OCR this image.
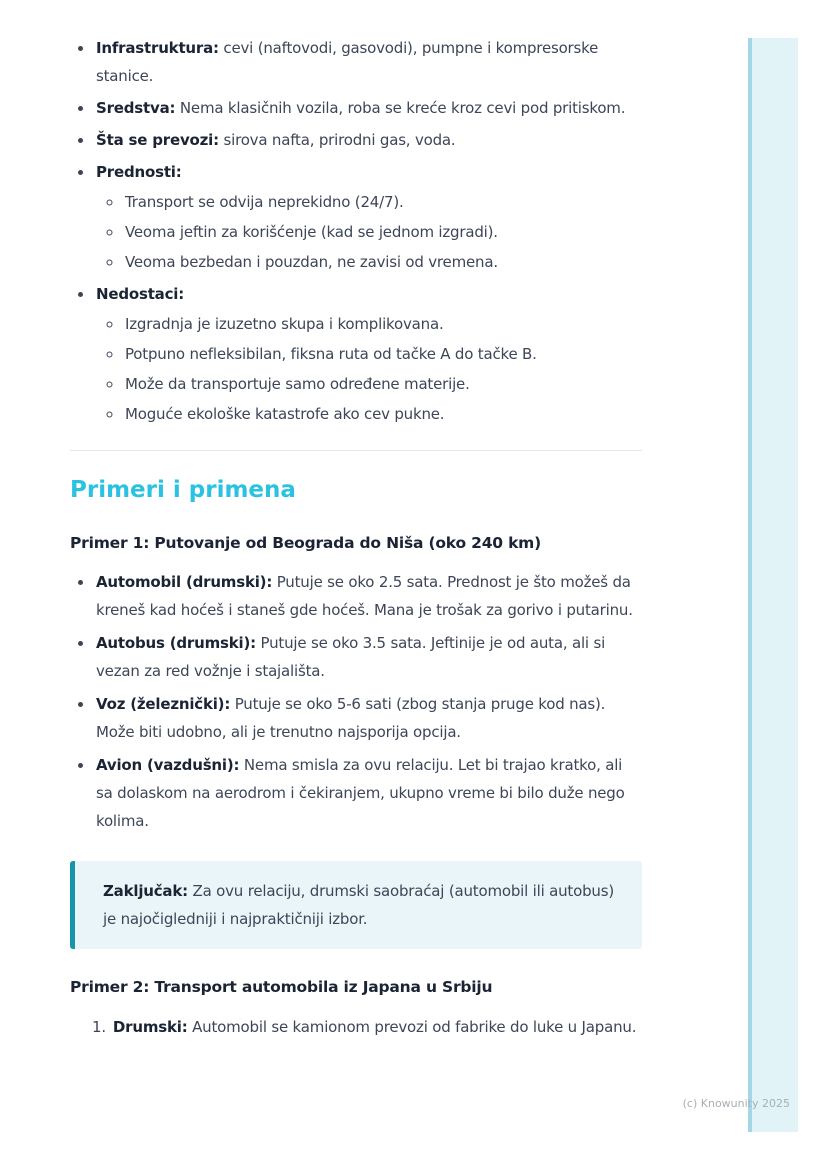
• Infrastruktura: cevi (naftovodi, gasovodi), pumpne i kompresorske stanice.
• Sredstva: Nema klasičnih vozila, roba se kreće kroz cevi pod pritiskom.
• Šta se prevozi: sirova nafta, prirodni gas, voda.
• Prednosti:
◦ Transport se odvija neprekidno (24/7).
◦ Veoma jeftin za korišćenje (kad se jednom izgradi).
◦ Veoma bezbedan i pouzdan, ne zavisi od vremena.
• Nedostaci:
◦ Izgradnja je izuzetno skupa i komplikovana.
◦ Potpuno nefleksibilan, fiksna ruta od tačke A do tačke B.
◦ Može da transportuje samo određene materije.
◦ Moguće ekološke katastrofe ako cev pukne.
Primeri i primena
Primer 1: Putovanje od Beograda do Niša (oko 240 km)
• Automobil (drumski): Putuje se oko 2.5 sata. Prednost je što možeš da kreneš kad hoćeš i staneš gde hoćeš. Mana je trošak za gorivo i putarinu.
• Autobus (drumski): Putuje se oko 3.5 sata. Jeftinije je od auta, ali si vezan za red vožnje i stajališta.
• Voz (železnički): Putuje se oko 5-6 sati (zbog stanja pruge kod nas). Može biti udobno, ali je trenutno najsporija opcija.
• Avion (vazdušni): Nema smisla za ovu relaciju. Let bi trajao kratko, ali sa dolaskom na aerodrom i čekiranjem, ukupno vreme bi bilo duže nego kolima.

Zaključak: Za ovu relaciju, drumski saobraćaj (automobil ili autobus) je najočigledniji i najpraktičniji izbor.

Primer 2: Transport automobila iz Japana u Srbiju
1. Drumski: Automobil se kamionom prevozi od fabrike do luke u Japanu.
(c) Knowunity 2025
